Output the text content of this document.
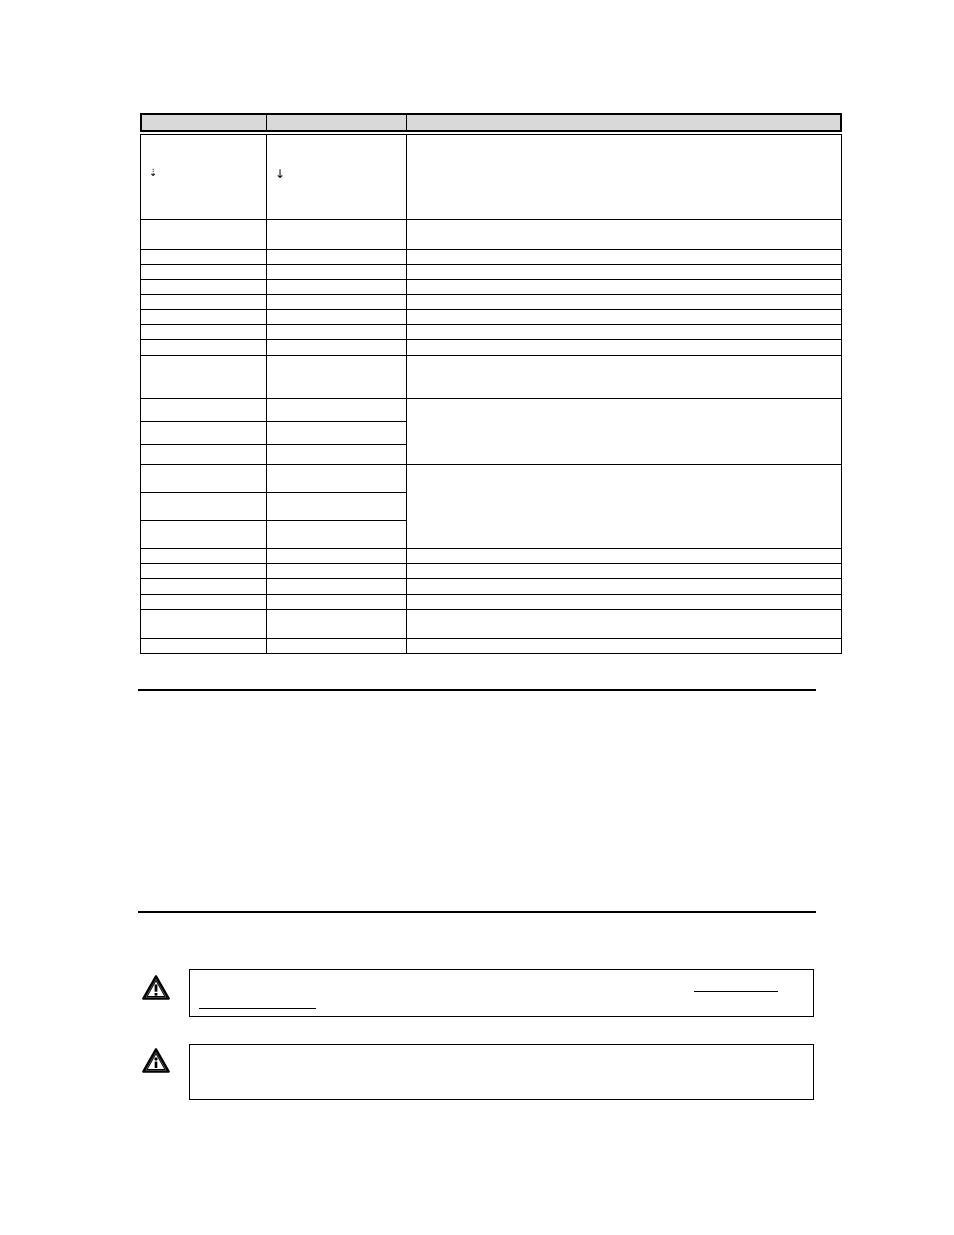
⇣	↓
